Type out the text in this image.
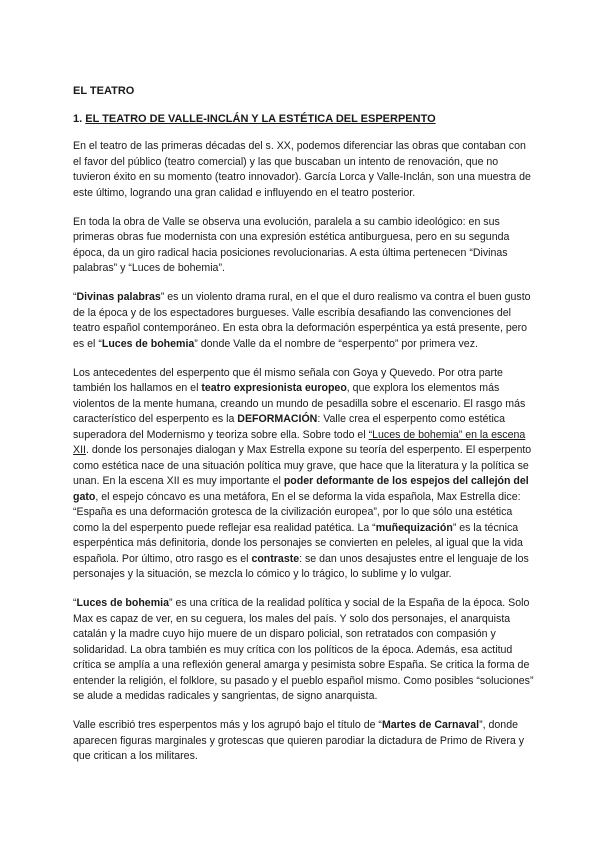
EL TEATRO
1. EL TEATRO DE VALLE-INCLÁN Y LA ESTÉTICA DEL ESPERPENTO

En el teatro de las primeras décadas del s. XX, podemos diferenciar las obras que contaban con el favor del público (teatro comercial) y las que buscaban un intento de renovación, que no tuvieron éxito en su momento (teatro innovador). García Lorca y Valle-Inclán, son una muestra de este último, logrando una gran calidad e influyendo en el teatro posterior.

En toda la obra de Valle se observa una evolución, paralela a su cambio ideológico: en sus primeras obras fue modernista con una expresión estética antiburguesa, pero en su segunda época, da un giro radical hacia posiciones revolucionarias. A esta última pertenecen “Divinas palabras” y “Luces de bohemia”.

“Divinas palabras” es un violento drama rural, en el que el duro realismo va contra el buen gusto de la época y de los espectadores burgueses. Valle escribía desafiando las convenciones del teatro español contemporáneo. En esta obra la deformación esperpéntica ya está presente, pero es el “Luces de bohemia” donde Valle da el nombre de “esperpento” por primera vez.

Los antecedentes del esperpento que él mismo señala con Goya y Quevedo. Por otra parte también los hallamos en el teatro expresionista europeo, que explora los elementos más violentos de la mente humana, creando un mundo de pesadilla sobre el escenario. El rasgo más característico del esperpento es la DEFORMACIÓN: Valle crea el esperpento como estética superadora del Modernismo y teoriza sobre ella. Sobre todo el “Luces de bohemia” en la escena XII. donde los personajes dialogan y Max Estrella expone su teoría del esperpento. El esperpento como estética nace de una situación política muy grave, que hace que la literatura y la política se unan. En la escena XII es muy importante el poder deformante de los espejos del callejón del gato, el espejo cóncavo es una metáfora, En el se deforma la vida española, Max Estrella dice: “España es una deformación grotesca de la civilización europea”, por lo que sólo una estética como la del esperpento puede reflejar esa realidad patética. La “muñequización” es la técnica esperpéntica más definitoria, donde los personajes se convierten en peleles, al igual que la vida española. Por último, otro rasgo es el contraste: se dan unos desajustes entre el lenguaje de los personajes y la situación, se mezcla lo cómico y lo trágico, lo sublime y lo vulgar.

“Luces de bohemia” es una crítica de la realidad política y social de la España de la época. Solo Max es capaz de ver, en su ceguera, los males del país. Y solo dos personajes, el anarquista catalán y la madre cuyo hijo muere de un disparo policial, son retratados con compasión y solidaridad. La obra también es muy crítica con los políticos de la época. Además, esa actitud crítica se amplía a una reflexión general amarga y pesimista sobre España. Se critica la forma de entender la religión, el folklore, su pasado y el pueblo español mismo. Como posibles “soluciones” se alude a medidas radicales y sangrientas, de signo anarquista.

Valle escribió tres esperpentos más y los agrupó bajo el título de “Martes de Carnaval”, donde aparecen figuras marginales y grotescas que quieren parodiar la dictadura de Primo de Rivera y que critican a los militares.
